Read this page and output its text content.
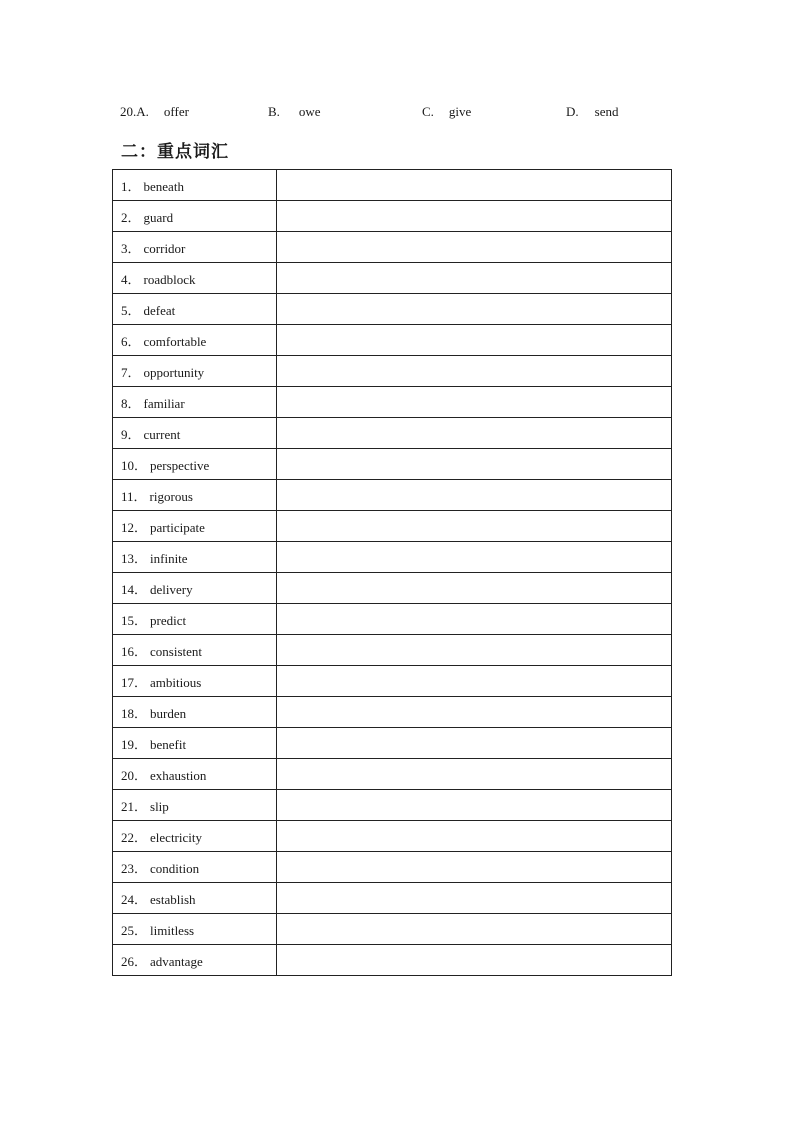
20.A. offer	B. owe	C. give	D. send
二：重点词汇
1． beneath	
2． guard	
3． corridor	
4． roadblock	
5． defeat	
6． comfortable	
7． opportunity	
8． familiar	
9． current	
10． perspective	
11． rigorous	
12． participate	
13． infinite	
14． delivery	
15． predict	
16． consistent	
17． ambitious	
18． burden	
19． benefit	
20． exhaustion	
21． slip	
22． electricity	
23． condition	
24． establish	
25． limitless	
26． advantage	
